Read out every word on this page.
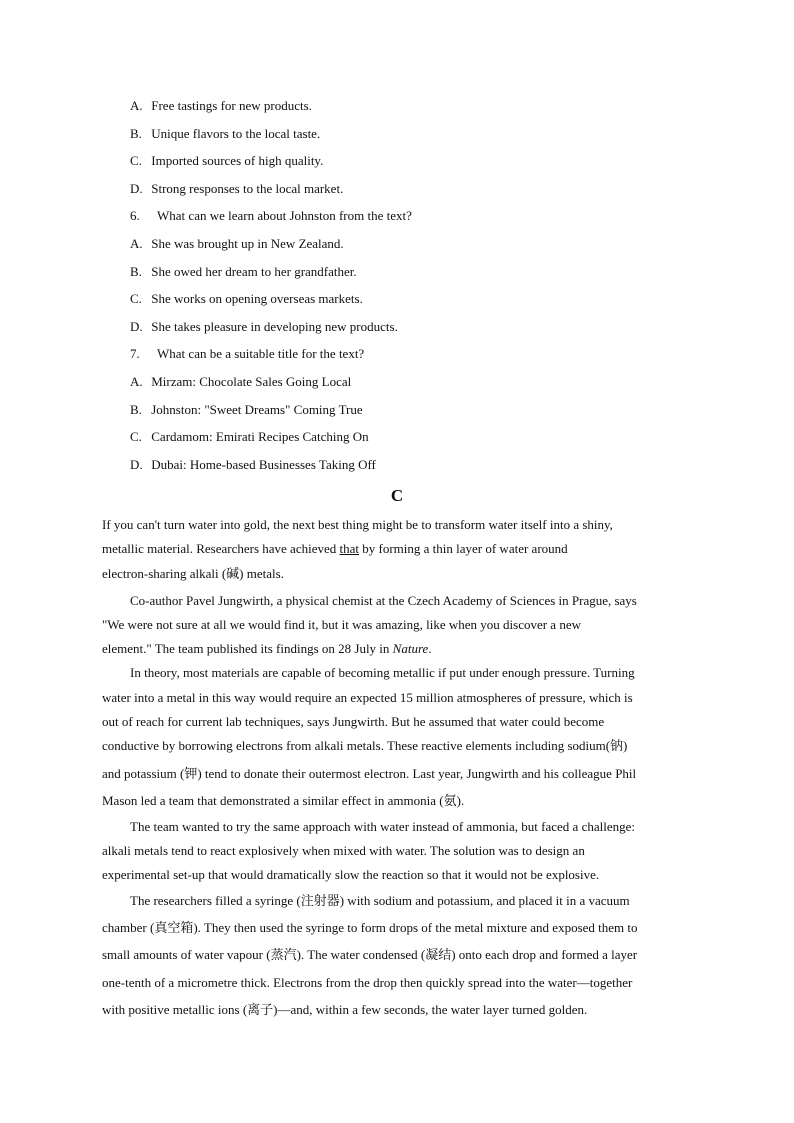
A. Free tastings for new products.
B. Unique flavors to the local taste.
C. Imported sources of high quality.
D. Strong responses to the local market.
6. What can we learn about Johnston from the text?
A. She was brought up in New Zealand.
B. She owed her dream to her grandfather.
C. She works on opening overseas markets.
D. She takes pleasure in developing new products.
7. What can be a suitable title for the text?
A. Mirzam: Chocolate Sales Going Local
B. Johnston: "Sweet Dreams" Coming True
C. Cardamom: Emirati Recipes Catching On
D. Dubai: Home-based Businesses Taking Off
C
If you can't turn water into gold, the next best thing might be to transform water itself into a shiny,
metallic material. Researchers have achieved that by forming a thin layer of water around
electron-sharing alkali (碱) metals.
Co-author Pavel Jungwirth, a physical chemist at the Czech Academy of Sciences in Prague, says
"We were not sure at all we would find it, but it was amazing, like when you discover a new
element." The team published its findings on 28 July in Nature.
In theory, most materials are capable of becoming metallic if put under enough pressure. Turning
water into a metal in this way would require an expected 15 million atmospheres of pressure, which is
out of reach for current lab techniques, says Jungwirth. But he assumed that water could become
conductive by borrowing electrons from alkali metals. These reactive elements including sodium(钠)
and potassium (钾) tend to donate their outermost electron. Last year, Jungwirth and his colleague Phil
Mason led a team that demonstrated a similar effect in ammonia (氨).
The team wanted to try the same approach with water instead of ammonia, but faced a challenge:
alkali metals tend to react explosively when mixed with water. The solution was to design an
experimental set-up that would dramatically slow the reaction so that it would not be explosive.
The researchers filled a syringe (注射器) with sodium and potassium, and placed it in a vacuum
chamber (真空箱). They then used the syringe to form drops of the metal mixture and exposed them to
small amounts of water vapour (蒸汽). The water condensed (凝结) onto each drop and formed a layer
one-tenth of a micrometre thick. Electrons from the drop then quickly spread into the water—together
with positive metallic ions (离子)—and, within a few seconds, the water layer turned golden.
